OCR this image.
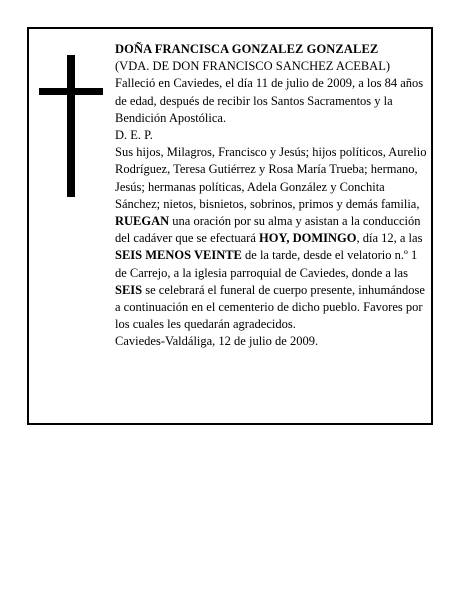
DOÑA FRANCISCA GONZALEZ GONZALEZ

(VDA. DE DON FRANCISCO SANCHEZ ACEBAL)

Falleció en Caviedes, el día 11 de julio de 2009, a los 84 años de edad, después de recibir los Santos Sacramentos y la Bendición Apostólica.

D. E. P.

Sus hijos, Milagros, Francisco y Jesús; hijos políticos, Aurelio Rodríguez, Teresa Gutiérrez y Rosa María Trueba; hermano, Jesús; hermanas políticas, Adela González y Conchita Sánchez; nietos, bisnietos, sobrinos, primos y demás familia,

RUEGAN una oración por su alma y asistan a la conducción del cadáver que se efectuará HOY, DOMINGO, día 12, a las SEIS MENOS VEINTE de la tarde, desde el velatorio n.º 1 de Carrejo, a la iglesia parroquial de Caviedes, donde a las SEIS se celebrará el funeral de cuerpo presente, inhumándose a continuación en el cementerio de dicho pueblo. Favores por los cuales les quedarán agradecidos.

Caviedes-Valdáliga, 12 de julio de 2009.
